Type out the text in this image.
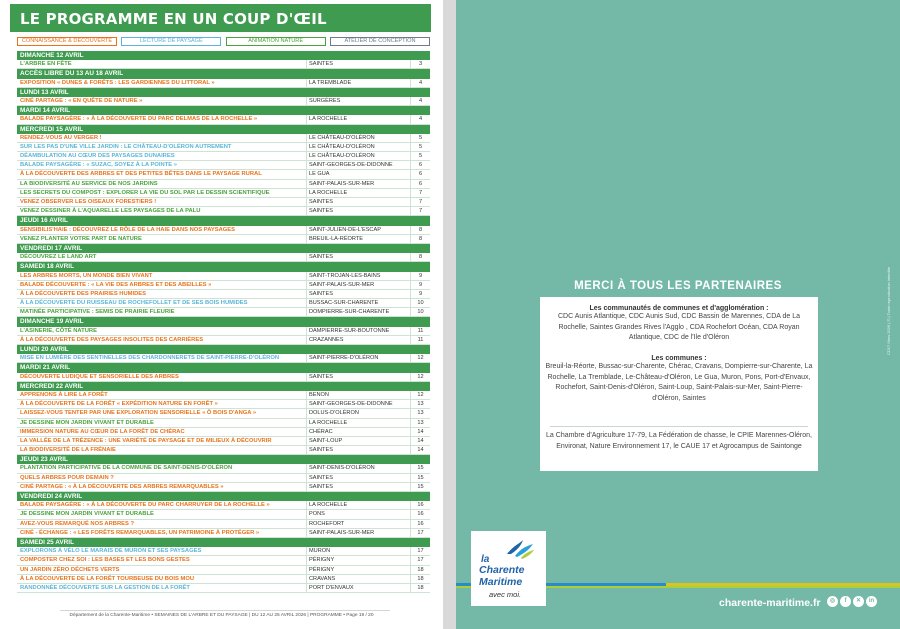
LE PROGRAMME EN UN COUP D'ŒIL
CONNAISSANCE & DÉCOUVERTE	LECTURE DE PAYSAGE	ANIMATION NATURE	ATELIER DE CONCEPTION
DIMANCHE 12 AVRIL
L'ARBRE EN FÊTE	SAINTES	3
ACCÈS LIBRE DU 13 AU 18 AVRIL
EXPOSITION « DUNES & FORÊTS : LES GARDIENNES DU LITTORAL »	LA TREMBLADE	4
LUNDI 13 AVRIL
CINÉ PARTAGE : « EN QUÊTE DE NATURE »	SURGÈRES	4
MARDI 14 AVRIL
BALADE PAYSAGÈRE : « À LA DÉCOUVERTE DU PARC DELMAS DE LA ROCHELLE »	LA ROCHELLE	4
MERCREDI 15 AVRIL
RENDEZ-VOUS AU VERGER !	LE CHÂTEAU-D'OLÉRON	5
SUR LES PAS D'UNE VILLE JARDIN : LE CHÂTEAU-D'OLÉRON AUTREMENT	LE CHÂTEAU-D'OLÉRON	5
DÉAMBULATION AU CŒUR DES PAYSAGES DUNAIRES	LE CHÂTEAU-D'OLÉRON	5
BALADE PAYSAGÈRE : « SUZAC, SOYEZ À LA POINTE »	SAINT-GEORGES-DE-DIDONNE	6
À LA DÉCOUVERTE DES ARBRES ET DES PETITES BÊTES DANS LE PAYSAGE RURAL	LE GUA	6
LA BIODIVERSITÉ AU SERVICE DE NOS JARDINS	SAINT-PALAIS-SUR-MER	6
LES SECRETS DU COMPOST : EXPLORER LA VIE DU SOL PAR LE DESSIN SCIENTIFIQUE	LA ROCHELLE	7
VENEZ OBSERVER LES OISEAUX FORESTIERS !	SAINTES	7
VENEZ DESSINER À L'AQUARELLE LES PAYSAGES DE LA PALU	SAINTES	7
JEUDI 16 AVRIL
SENSIBILIS'HAIE : DÉCOUVREZ LE RÔLE DE LA HAIE DANS NOS PAYSAGES	SAINT-JULIEN-DE-L'ESCAP	8
VENEZ PLANTER VOTRE PART DE NATURE	BREUIL-LA-RÉORTE	8
VENDREDI 17 AVRIL
DÉCOUVREZ LE LAND ART	SAINTES	8
SAMEDI 18 AVRIL
LES ARBRES MORTS, UN MONDE BIEN VIVANT	SAINT-TROJAN-LES-BAINS	9
BALADE DÉCOUVERTE : « LA VIE DES ARBRES ET DES ABEILLES »	SAINT-PALAIS-SUR-MER	9
À LA DÉCOUVERTE DES PRAIRIES HUMIDES	SAINTES	9
À LA DÉCOUVERTE DU RUISSEAU DE ROCHEFOLLET ET DE SES BOIS HUMIDES	BUSSAC-SUR-CHARENTE	10
MATINÉE PARTICIPATIVE : SEMIS DE PRAIRIE FLEURIE	DOMPIERRE-SUR-CHARENTE	10
DIMANCHE 19 AVRIL
L'ASINERIE, CÔTÉ NATURE	DAMPIERRE-SUR-BOUTONNE	11
À LA DÉCOUVERTE DES PAYSAGES INSOLITES DES CARRIÈRES	CRAZANNES	11
LUNDI 20 AVRIL
MISE EN LUMIÈRE DES SENTINELLES DES CHARDONNERETS DE SAINT-PIERRE-D'OLÉRON	SAINT-PIERRE-D'OLÉRON	12
MARDI 21 AVRIL
DÉCOUVERTE LUDIQUE ET SENSORIELLE DES ARBRES	SAINTES	12
MERCREDI 22 AVRIL
APPRENONS À LIRE LA FORÊT	BENON	12
À LA DÉCOUVERTE DE LA FORÊT « EXPÉDITION NATURE EN FORÊT »	SAINT-GEORGES-DE-DIDONNE	13
LAISSEZ-VOUS TENTER PAR UNE EXPLORATION SENSORIELLE « Ô BOIS D'ANGA »	DOLUS-D'OLÉRON	13
JE DESSINE MON JARDIN VIVANT ET DURABLE	LA ROCHELLE	13
IMMERSION NATURE AU CŒUR DE LA FORÊT DE CHÉRAC	CHÉRAC	14
LA VALLÉE DE LA TRÉZENCE : UNE VARIÉTÉ DE PAYSAGE ET DE MILIEUX À DÉCOUVRIR	SAINT-LOUP	14
LA BIODIVERSITÉ DE LA FRÉNAIE	SAINTES	14
JEUDI 23 AVRIL
PLANTATION PARTICIPATIVE DE LA COMMUNE DE SAINT-DENIS-D'OLÉRON	SAINT-DENIS-D'OLÉRON	15
QUELS ARBRES POUR DEMAIN ?	SAINTES	15
CINÉ PARTAGE : « À LA DÉCOUVERTE DES ARBRES REMARQUABLES »	SAINTES	15
VENDREDI 24 AVRIL
BALADE PAYSAGÈRE : « À LA DÉCOUVERTE DU PARC CHARRUYER DE LA ROCHELLE »	LA ROCHELLE	16
JE DESSINE MON JARDIN VIVANT ET DURABLE	PONS	16
AVEZ-VOUS REMARQUÉ NOS ARBRES ?	ROCHEFORT	16
CINÉ - ÉCHANGE : « LES FORÊTS REMARQUABLES, UN PATRIMOINE À PROTÉGER »	SAINT-PALAIS-SUR-MER	17
SAMEDI 25 AVRIL
EXPLORONS À VÉLO LE MARAIS DE MURON ET SES PAYSAGES	MURON	17
COMPOSTER CHEZ SOI : LES BASES ET LES BONS GESTES	PÉRIGNY	17
UN JARDIN ZÉRO DÉCHETS VERTS	PÉRIGNY	18
À LA DÉCOUVERTE DE LA FORÊT TOURBEUSE DU BOIS MOU	CRAVANS	18
RANDONNÉE DÉCOUVERTE SUR LA GESTION DE LA FORÊT	PORT D'ENVAUX	18
Département de la Charente-Maritime • SEMAINES DE L'ARBRE ET DU PAYSAGE | DU 12 AU 25 AVRIL 2026 | PROGRAMME • Page 19 / 20
MERCI À TOUS LES PARTENAIRES
Les communautés de communes et d'agglomération :
CDC Aunis Atlantique, CDC Aunis Sud, CDC Bassin de Marennes, CDA de La Rochelle, Saintes Grandes Rives l'Agglo , CDA Rochefort Océan, CDA Royan Atlantique, CDC de l'Ile d'Oléron
Les communes :
Breuil-la-Réorte, Bussac-sur-Charente, Chérac, Cravans, Dompierre-sur-Charente, La Rochelle, La Tremblade, Le-Château-d'Oléron, Le Gua, Muron, Pons, Port-d'Envaux, Rochefort, Saint-Denis-d'Oléron, Saint-Loup, Saint-Palais-sur-Mer, Saint-Pierre-d'Oléron, Saintes
La Chambre d'Agriculture 17-79, La Fédération de chasse, le CPIE Marennes-Oléron, Environat, Nature Environnement 17, le CAUE 17 et Agrocampus de Saintonge
CD17 Mars 2026 | © | Toute reproduction interdite
la
Charente
Maritime
avec moi.
charente-maritime.fr	◎	f	✕	in
